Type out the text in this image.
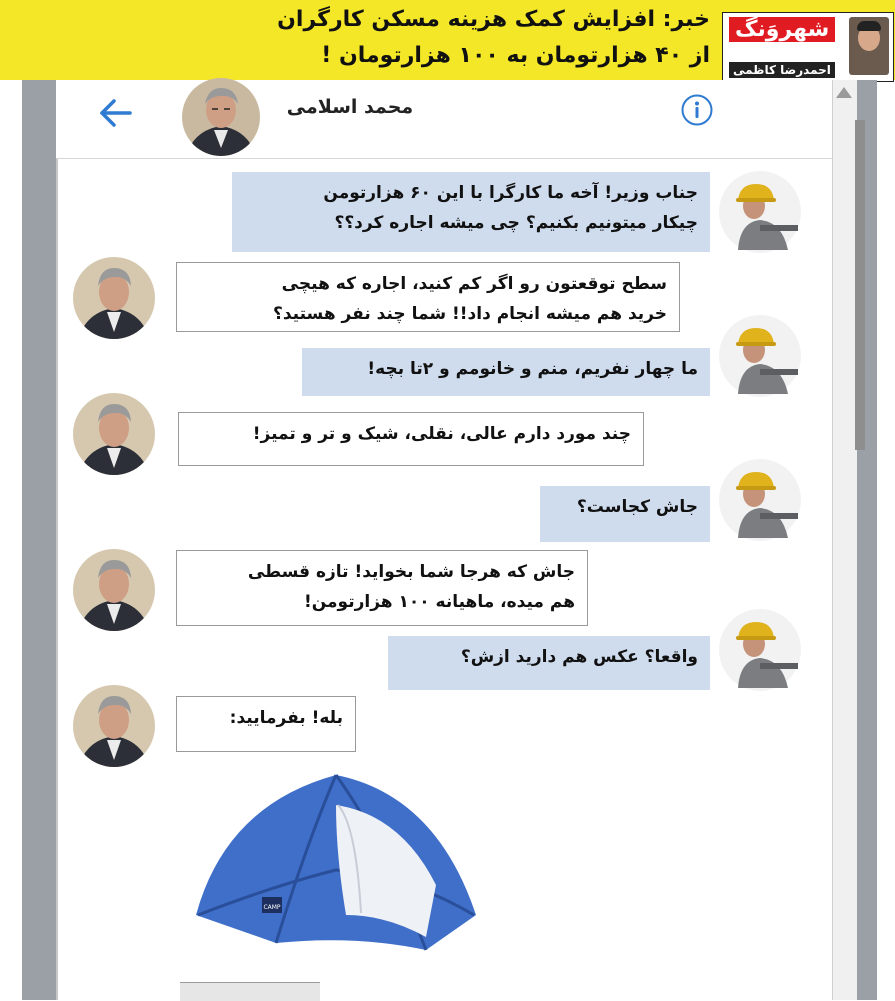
خبر: افزایش کمک هزینه مسکن کارگران
از ۴۰ هزارتومان به ۱۰۰ هزارتومان !
شهروَنگ
احمدرضا کاظمی
محمد اسلامی
جناب وزیر! آخه ما کارگرا با این ۶۰ هزارتومن
چیکار میتونیم بکنیم؟ چی میشه اجاره کرد؟؟
سطح توقعتون رو اگر کم کنید، اجاره که هیچی
خرید هم میشه انجام داد!! شما چند نفر هستید؟
ما چهار نفریم، منم و خانومم و ۲تا بچه!
چند مورد دارم عالی، نقلی، شیک و تر و تمیز!
جاش کجاست؟
جاش که هرجا شما بخواید! تازه قسطی
هم میده، ماهیانه ۱۰۰ هزارتومن!
واقعا؟ عکس هم دارید ازش؟
بله! بفرمایید:
CAMP
